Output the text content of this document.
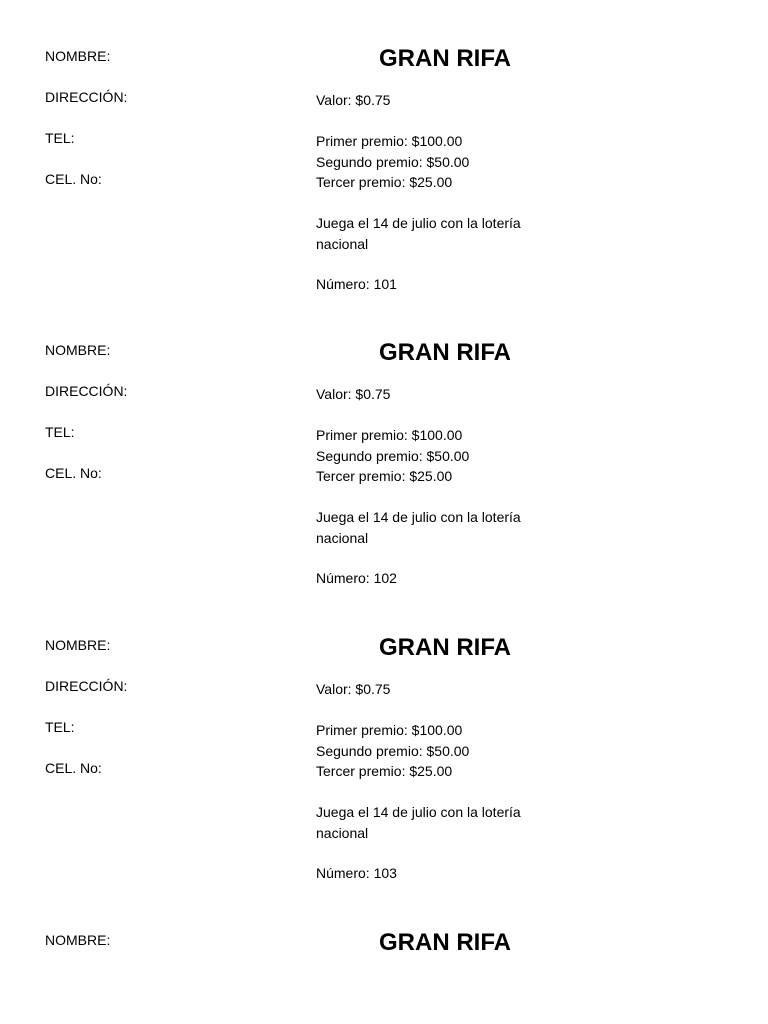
NOMBRE:
DIRECCIÓN:
TEL:
CEL. No:
GRAN RIFA
Valor: $0.75
Primer premio: $100.00
Segundo premio: $50.00
Tercer premio: $25.00
Juega el 14 de julio con la lotería nacional
Número: 101
NOMBRE:
DIRECCIÓN:
TEL:
CEL. No:
GRAN RIFA
Valor: $0.75
Primer premio: $100.00
Segundo premio: $50.00
Tercer premio: $25.00
Juega el 14 de julio con la lotería nacional
Número: 102
NOMBRE:
DIRECCIÓN:
TEL:
CEL. No:
GRAN RIFA
Valor: $0.75
Primer premio: $100.00
Segundo premio: $50.00
Tercer premio: $25.00
Juega el 14 de julio con la lotería nacional
Número: 103
NOMBRE:	GRAN RIFA
